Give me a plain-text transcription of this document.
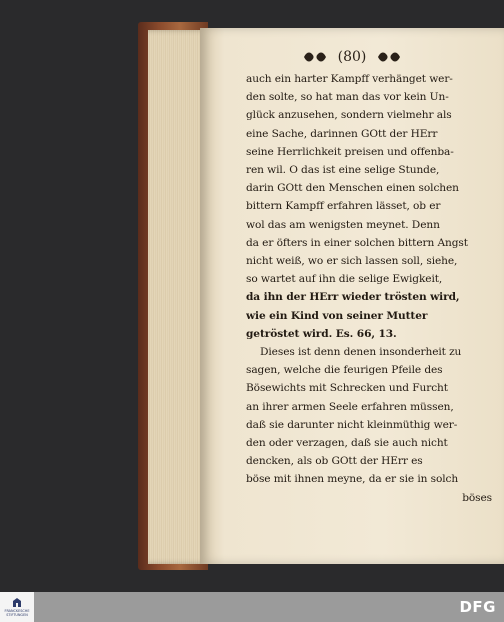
(80)
auch ein harter Kampff verhänget wer-
den solte, so hat man das vor kein Un-
glück anzusehen, sondern vielmehr als
eine Sache, darinnen GOtt der HErr
seine Herrlichkeit preisen und offenba-
ren wil. O das ist eine selige Stunde,
darin GOtt den Menschen einen solchen
bittern Kampff erfahren lässet, ob er
wol das am wenigsten meynet. Denn
da er öfters in einer solchen bittern Angst
nicht weiß, wo er sich lassen soll, siehe,
so wartet auf ihn die selige Ewigkeit,
da ihn der HErr wieder trösten wird,
wie ein Kind von seiner Mutter
getröstet wird. Es. 66, 13.
Dieses ist denn denen insonderheit zu
sagen, welche die feurigen Pfeile des
Bösewichts mit Schrecken und Furcht
an ihrer armen Seele erfahren müssen,
daß sie darunter nicht kleinmüthig wer-
den oder verzagen, daß sie auch nicht
dencken, als ob GOtt der HErr es
böse mit ihnen meyne, da er sie in solch
böses
FRANCKESCHE
STIFTUNGEN	DFG
